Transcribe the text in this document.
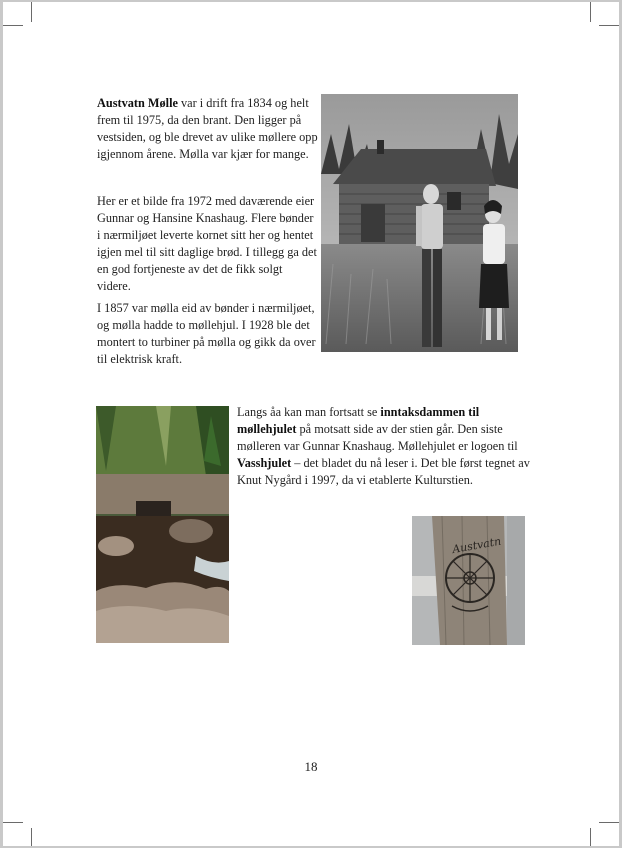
Austvatn Mølle var i drift fra 1834 og helt frem til 1975, da den brant. Den ligger på vestsiden, og ble drevet av ulike møllere opp igjennom årene. Mølla var kjær for mange.

Her er et bilde fra 1972 med daværende eier Gunnar og Hansine Knashaug. Flere bønder i nærmiljøet leverte kornet sitt her og hentet igjen mel til sitt daglige brød. I tillegg ga det en god fortjeneste av det de fikk solgt videre.

I 1857 var mølla eid av bønder i nærmiljøet, og mølla hadde to møllehjul. I 1928 ble det montert to turbiner på mølla og gikk da over til elektrisk kraft.

Langs åa kan man fortsatt se inntaksdammen til møllehjulet på motsatt side av der stien går. Den siste mølleren var Gunnar Knashaug. Møllehjulet er logoen til Vasshjulet – det bladet du nå leser i. Det ble først tegnet av Knut Nygård i 1997, da vi etablerte Kulturstien.

Austvatn
18
